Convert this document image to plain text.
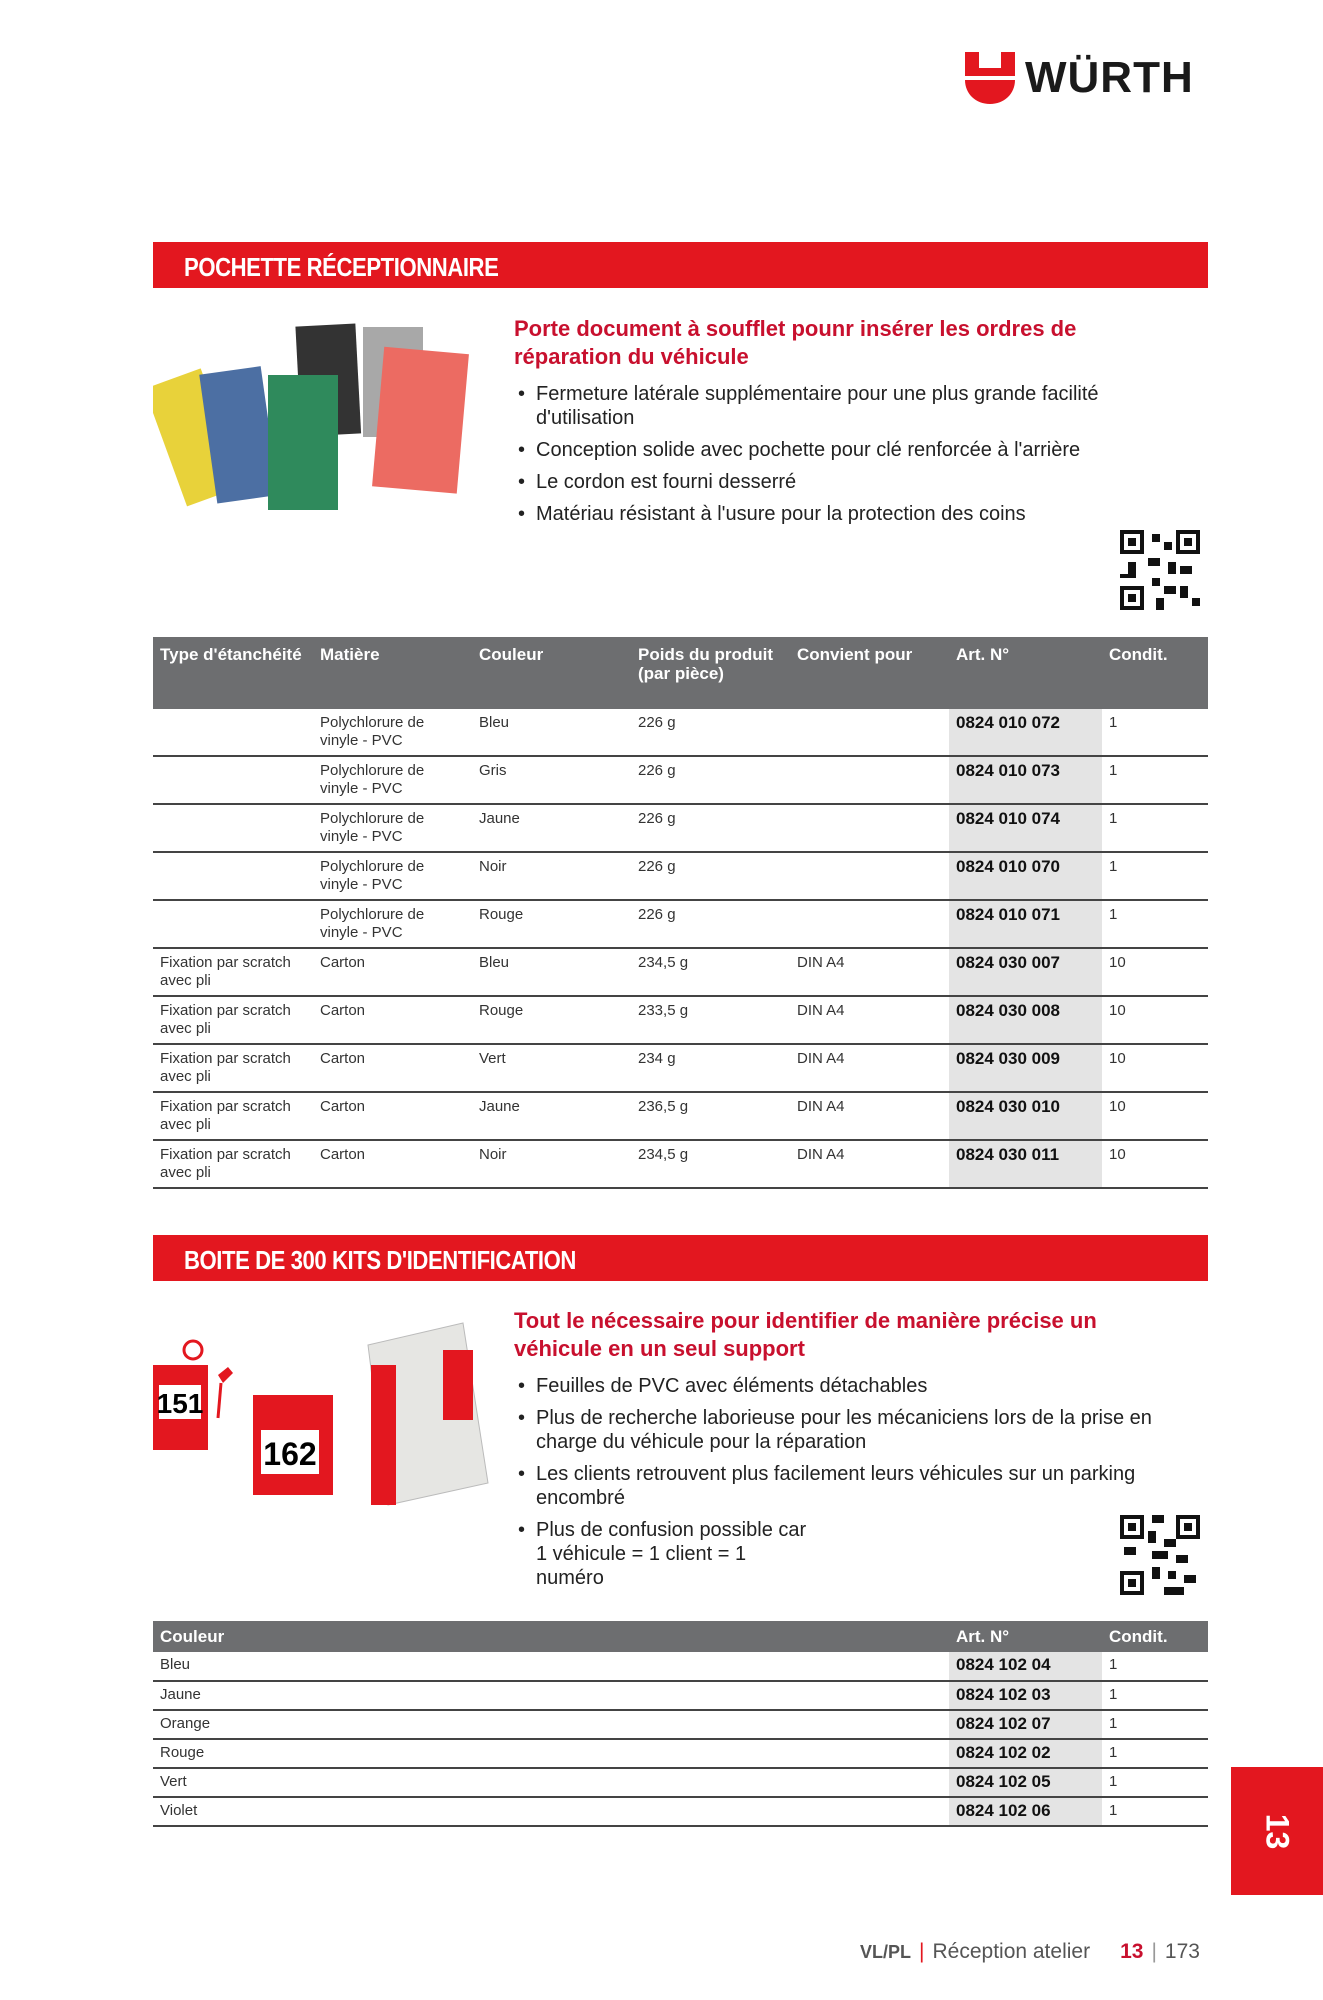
WÜRTH
POCHETTE RÉCEPTIONNAIRE
Porte document à soufflet pounr insérer les ordres de réparation du véhicule
• Fermeture latérale supplémentaire pour une plus grande facilité d'utilisation
• Conception solide avec pochette pour clé renforcée à l'arrière
• Le cordon est fourni desserré
• Matériau résistant à l'usure pour la protection des coins
Type d'étanchéité	Matière	Couleur	Poids du produit (par pièce)	Convient pour	Art. N°	Condit.
	Polychlorure de vinyle - PVC	Bleu	226 g		0824 010 072	1
	Polychlorure de vinyle - PVC	Gris	226 g		0824 010 073	1
	Polychlorure de vinyle - PVC	Jaune	226 g		0824 010 074	1
	Polychlorure de vinyle - PVC	Noir	226 g		0824 010 070	1
	Polychlorure de vinyle - PVC	Rouge	226 g		0824 010 071	1
Fixation par scratch avec pli	Carton	Bleu	234,5 g	DIN A4	0824 030 007	10
Fixation par scratch avec pli	Carton	Rouge	233,5 g	DIN A4	0824 030 008	10
Fixation par scratch avec pli	Carton	Vert	234 g	DIN A4	0824 030 009	10
Fixation par scratch avec pli	Carton	Jaune	236,5 g	DIN A4	0824 030 010	10
Fixation par scratch avec pli	Carton	Noir	234,5 g	DIN A4	0824 030 011	10
BOITE DE 300 KITS D'IDENTIFICATION
151
162
Tout le nécessaire pour identifier de manière précise un véhicule en un seul support
• Feuilles de PVC avec éléments détachables
• Plus de recherche laborieuse pour les mécaniciens lors de la prise en charge du véhicule pour la réparation
• Les clients retrouvent plus facilement leurs véhicules sur un parking encombré
• Plus de confusion possible car 1 véhicule = 1 client = 1 numéro
Couleur	Art. N°	Condit.
Bleu	0824 102 04	1
Jaune	0824 102 03	1
Orange	0824 102 07	1
Rouge	0824 102 02	1
Vert	0824 102 05	1
Violet	0824 102 06	1
13
VL/PL | Réception atelier 13 | 173
